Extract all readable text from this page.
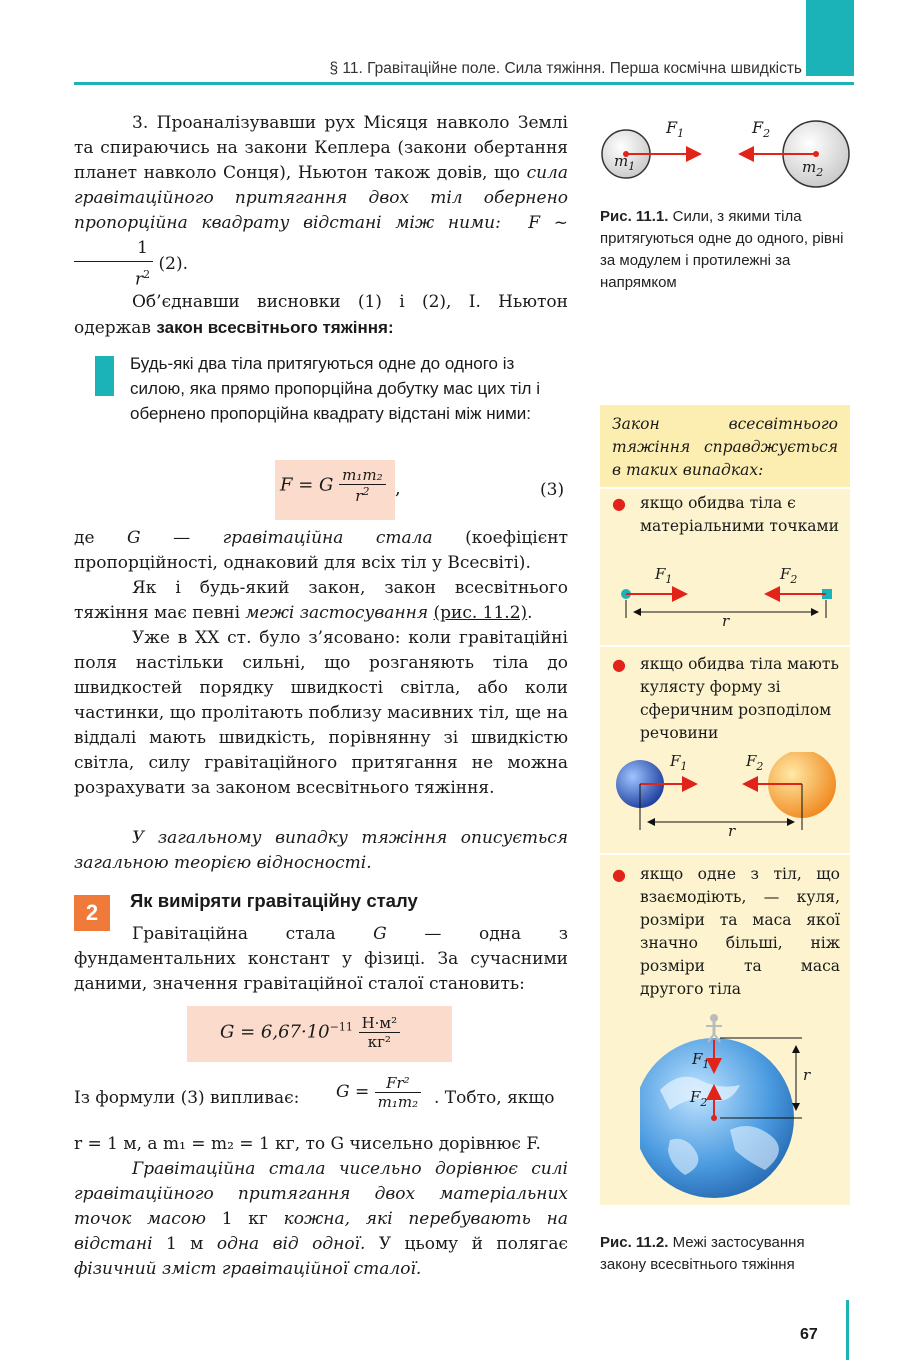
§ 11. Гравітаційне поле. Сила тяжіння. Перша космічна швидкість
3. Проаналізувавши рух Місяця навколо Землі та спираючись на закони Кеплера (закони обертання планет навколо Сонця), Ньютон також довів, що сила гравітаційного притягання двох тіл обернено пропорційна квадрату відстані між ними: F ~
$\frac{1}{r^2} (2)$.
Об’єднавши висновки (1) і (2), І. Ньютон одержав закон всесвітнього тяжіння:
Будь-які два тіла притягуються одне до одного із силою, яка прямо пропорційна добутку мас цих тіл і обернено пропорційна квадрату відстані між ними:
F = G $\frac{\text{m₁m₂}}{r^2}$ ,	(3)
де G — гравітаційна стала (коефіцієнт пропорційності, однаковий для всіх тіл у Всесвіті).
Як і будь-який закон, закон всесвітнього тяжіння має певні межі застосування (рис. 11.2).
Уже в XX ст. було з’ясовано: коли гравітаційні поля настільки сильні, що розганяють тіла до швидкостей порядку швидкості світла, або коли частинки, що пролітають поблизу масивних тіл, ще на віддалі мають швидкість, порівнянну зі швидкістю світла, силу гравітаційного притягання не можна розрахувати за законом всесвітнього тяжіння.
У загальному випадку тяжіння описується загальною теорією відносності.
2	Як виміряти гравітаційну сталу
Гравітаційна стала G — одна з фундаментальних констант у фізиці. За сучасними даними, значення гравітаційної сталої становить:
$G = 6,67\cdot 10^{-11} \frac{\text{Н·м²}}{\text{кг²}}$
Із формули (3) випливає: $G = \frac{\text{Fr²}}{\text{m₁m₂}}$ . Тобто, якщо
r = 1 м, а m₁ = m₂ = 1 кг, то G чисельно дорівнює F.
Гравітаційна стала чисельно дорівнює силі гравітаційного притягання двох матеріальних точок масою 1 кг кожна, які перебувають на відстані 1 м одна від одної. У цьому й полягає фізичний зміст гравітаційної сталої.
$F_1$	$F_2$
$m_1$	$m_2$
Рис. 11.1. Сили, з якими тіла притягуються одне до одного, рівні за модулем і протилежні за напрямком
Закон всесвітнього тяжіння справджується в таких випадках:
● якщо обидва тіла є матеріальними точками
$F_1$	$F_2$
r
● якщо обидва тіла мають кулясту форму зі сферичним розподілом речовини
$F_1$	$F_2$
r
● якщо одне з тіл, що взаємодіють, — куля, розміри та маса якої значно більші, ніж розміри та маса другого тіла
$F_1$
$F_2$
r
Рис. 11.2. Межі застосування закону всесвітнього тяжіння
67
